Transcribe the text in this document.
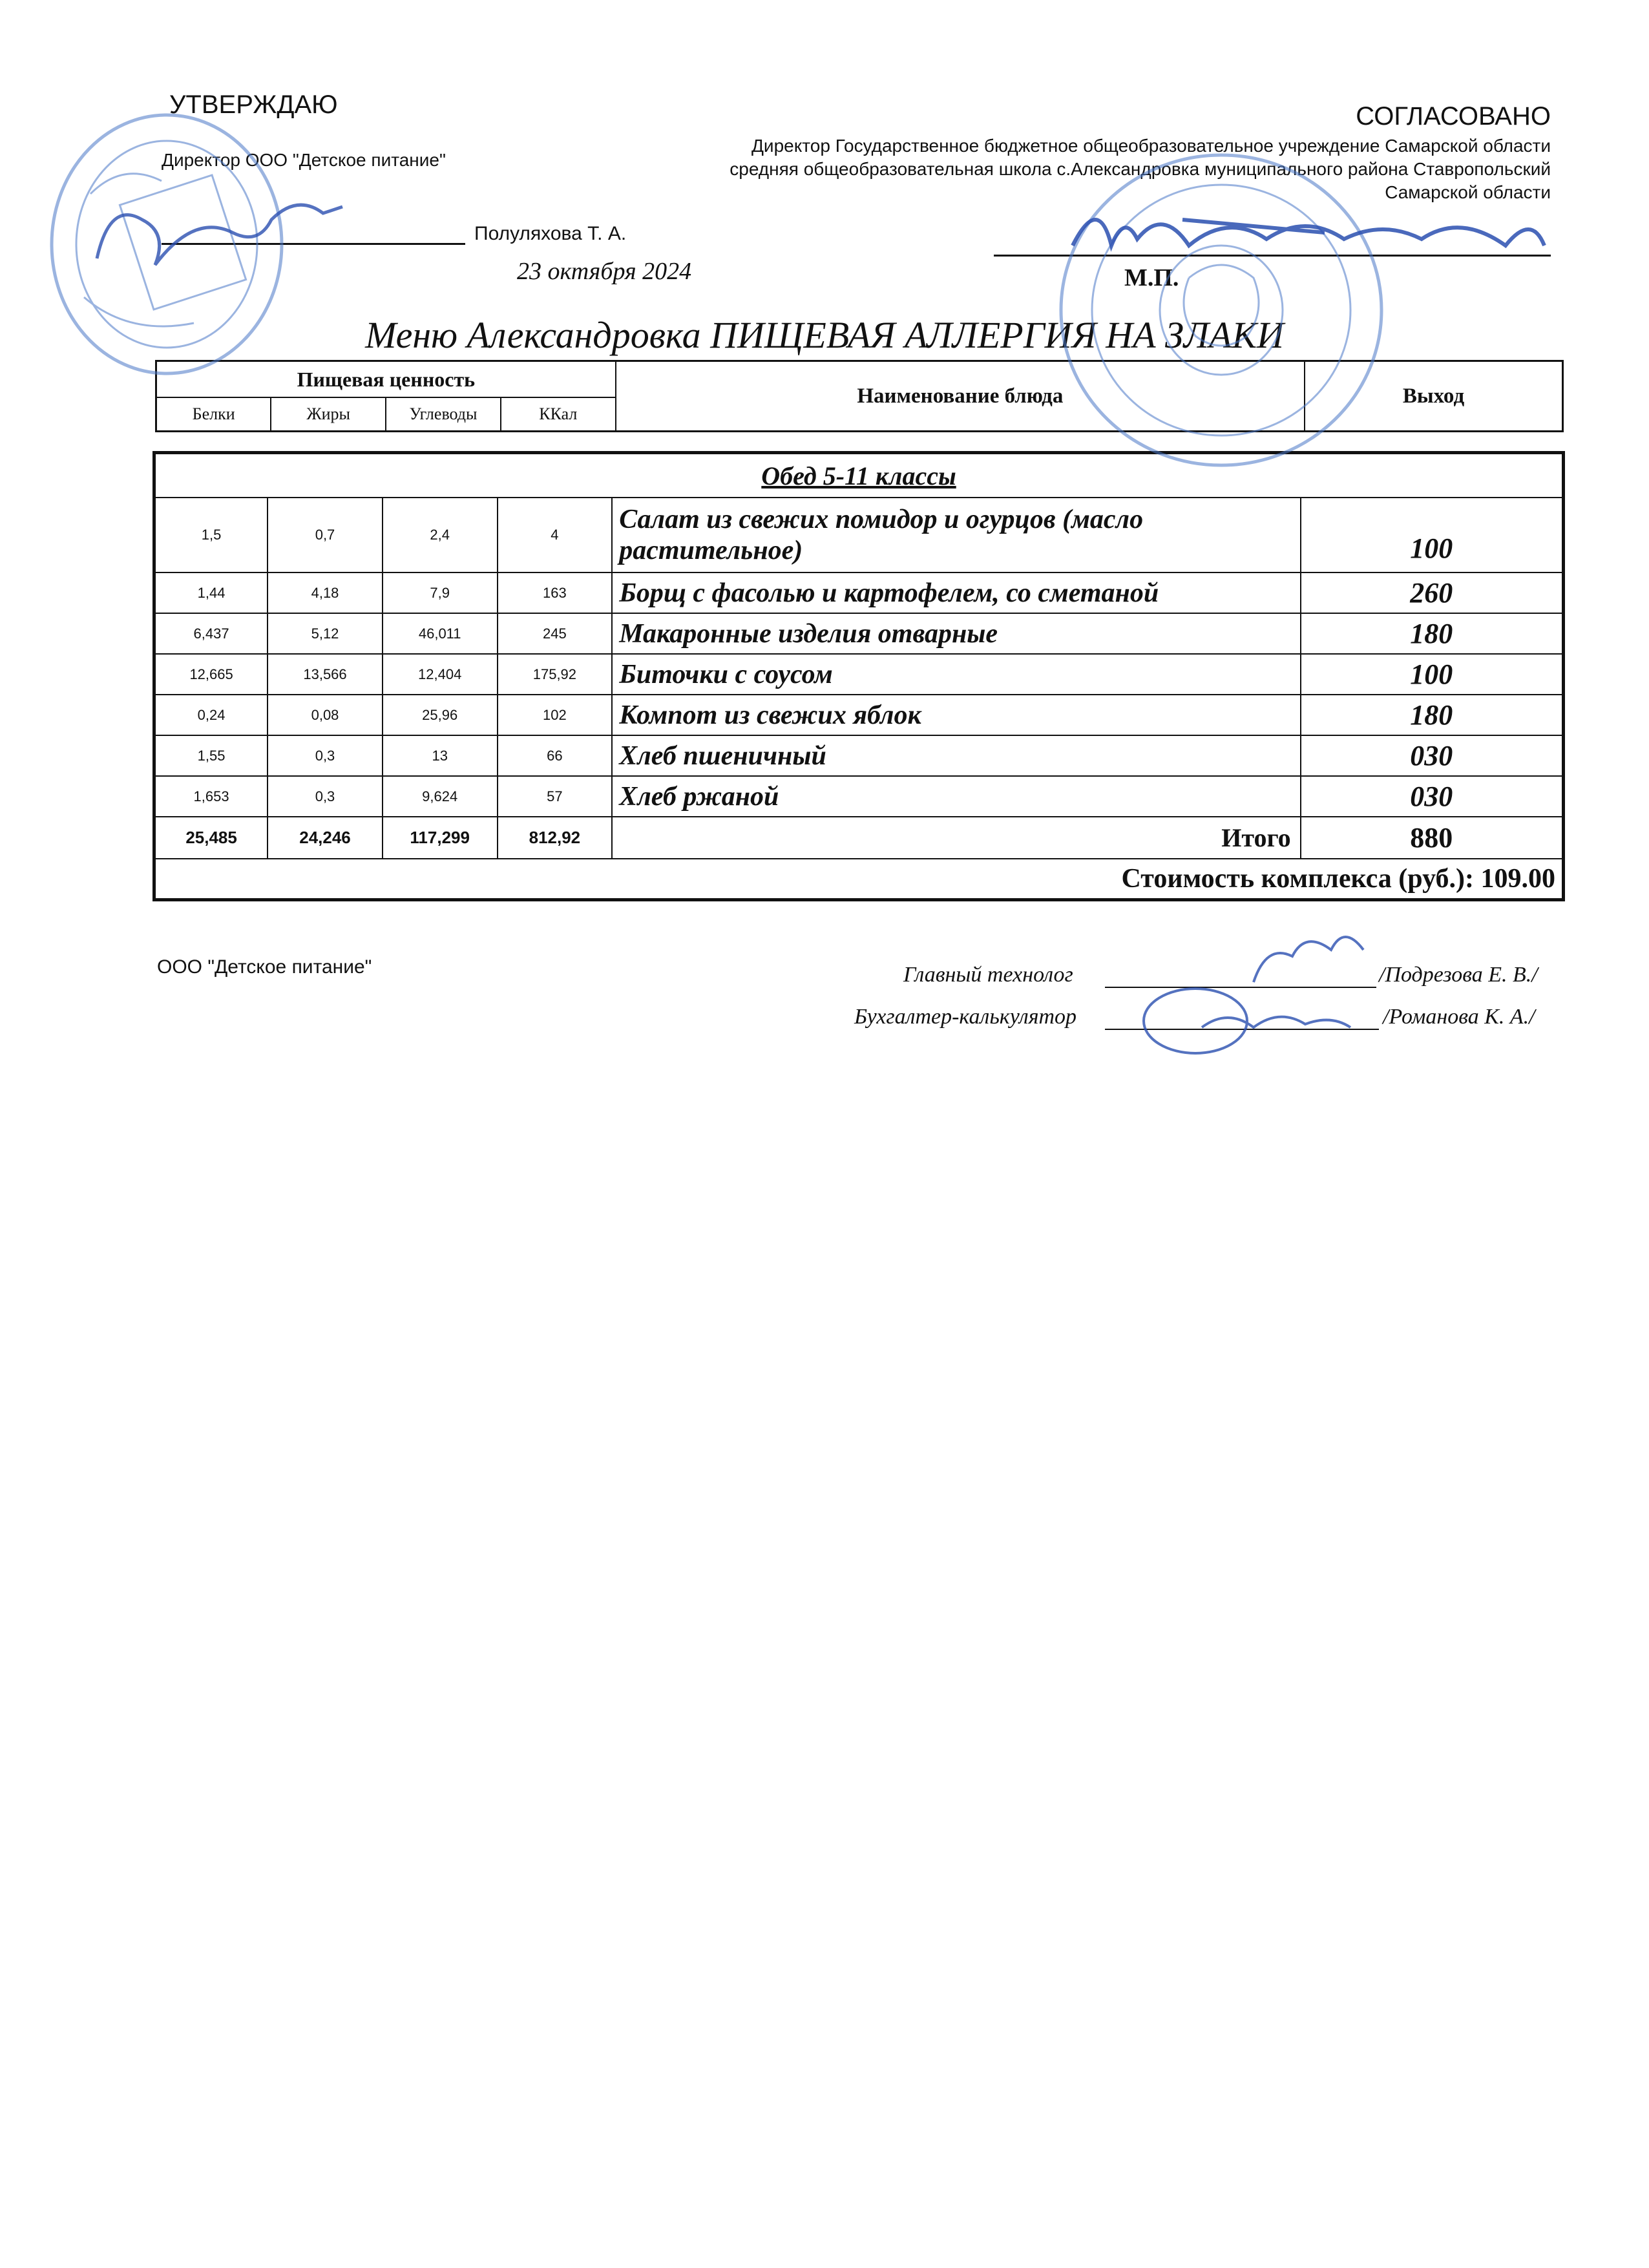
УТВЕРЖДАЮ
Директор ООО "Детское питание"
Полуляхова Т. А.
23 октября 2024
СОГЛАСОВАНО
Директор Государственное бюджетное общеобразовательное учреждение Самарской области средняя общеобразовательная школа с.Александровка муниципального района Ставропольский Самарской области
М.П.
Меню Александровка ПИЩЕВАЯ АЛЛЕРГИЯ НА ЗЛАКИ
Пищевая ценность				Наименование блюда	Выход
Белки	Жиры	Углеводы	ККал		
Обед 5-11 классы					
1,5	0,7	2,4	4	Салат из свежих помидор и огурцов (масло растительное)	100
1,44	4,18	7,9	163	Борщ с фасолью и картофелем, со сметаной	260
6,437	5,12	46,011	245	Макаронные изделия отварные	180
12,665	13,566	12,404	175,92	Биточки с соусом	100
0,24	0,08	25,96	102	Компот из свежих яблок	180
1,55	0,3	13	66	Хлеб пшеничный	030
1,653	0,3	9,624	57	Хлеб ржаной	030
25,485	24,246	117,299	812,92	Итого	880
Стоимость комплекса (руб.): 109.00					
ООО "Детское питание"	Главный технолог	/Подрезова Е. В./
Бухгалтер-калькулятор	/Романова К. А./
